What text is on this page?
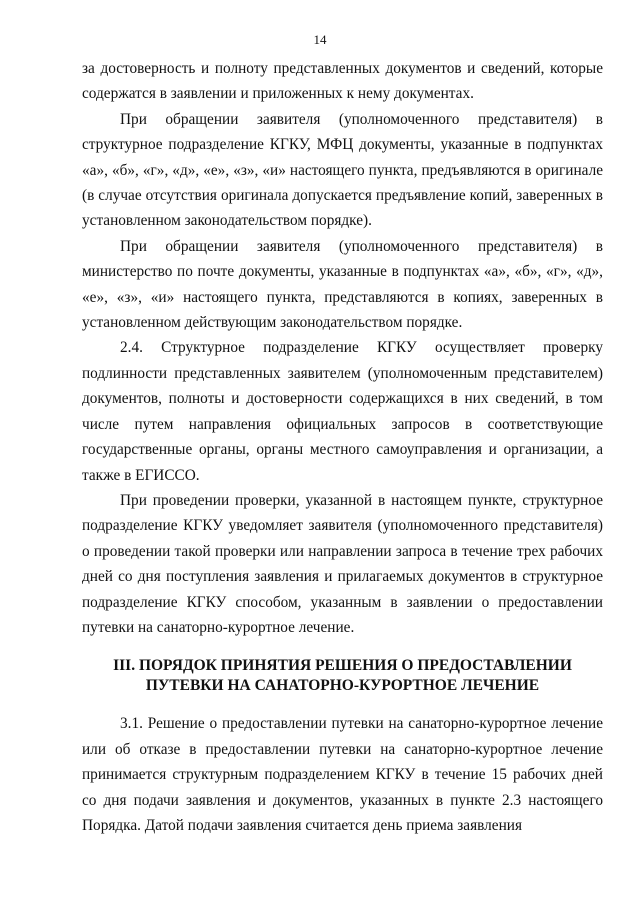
14

за достоверность и полноту представленных документов и сведений, которые содержатся в заявлении и приложенных к нему документах.

При обращении заявителя (уполномоченного представителя) в структурное подразделение КГКУ, МФЦ документы, указанные в подпунктах «а», «б», «г», «д», «е», «з», «и» настоящего пункта, предъявляются в оригинале (в случае отсутствия оригинала допускается предъявление копий, заверенных в установленном законодательством порядке).

При обращении заявителя (уполномоченного представителя) в министерство по почте документы, указанные в подпунктах «а», «б», «г», «д», «е», «з», «и» настоящего пункта, представляются в копиях, заверенных в установленном действующим законодательством порядке.

2.4. Структурное подразделение КГКУ осуществляет проверку подлинности представленных заявителем (уполномоченным представителем) документов, полноты и достоверности содержащихся в них сведений, в том числе путем направления официальных запросов в соответствующие государственные органы, органы местного самоуправления и организации, а также в ЕГИССО.

При проведении проверки, указанной в настоящем пункте, структурное подразделение КГКУ уведомляет заявителя (уполномоченного представителя) о проведении такой проверки или направлении запроса в течение трех рабочих дней со дня поступления заявления и прилагаемых документов в структурное подразделение КГКУ способом, указанным в заявлении о предоставлении путевки на санаторно-курортное лечение.

III. ПОРЯДОК ПРИНЯТИЯ РЕШЕНИЯ О ПРЕДОСТАВЛЕНИИ
ПУТЕВКИ НА САНАТОРНО-КУРОРТНОЕ ЛЕЧЕНИЕ

3.1. Решение о предоставлении путевки на санаторно-курортное лечение или об отказе в предоставлении путевки на санаторно-курортное лечение принимается структурным подразделением КГКУ в течение 15 рабочих дней со дня подачи заявления и документов, указанных в пункте 2.3 настоящего Порядка. Датой подачи заявления считается день приема заявления
